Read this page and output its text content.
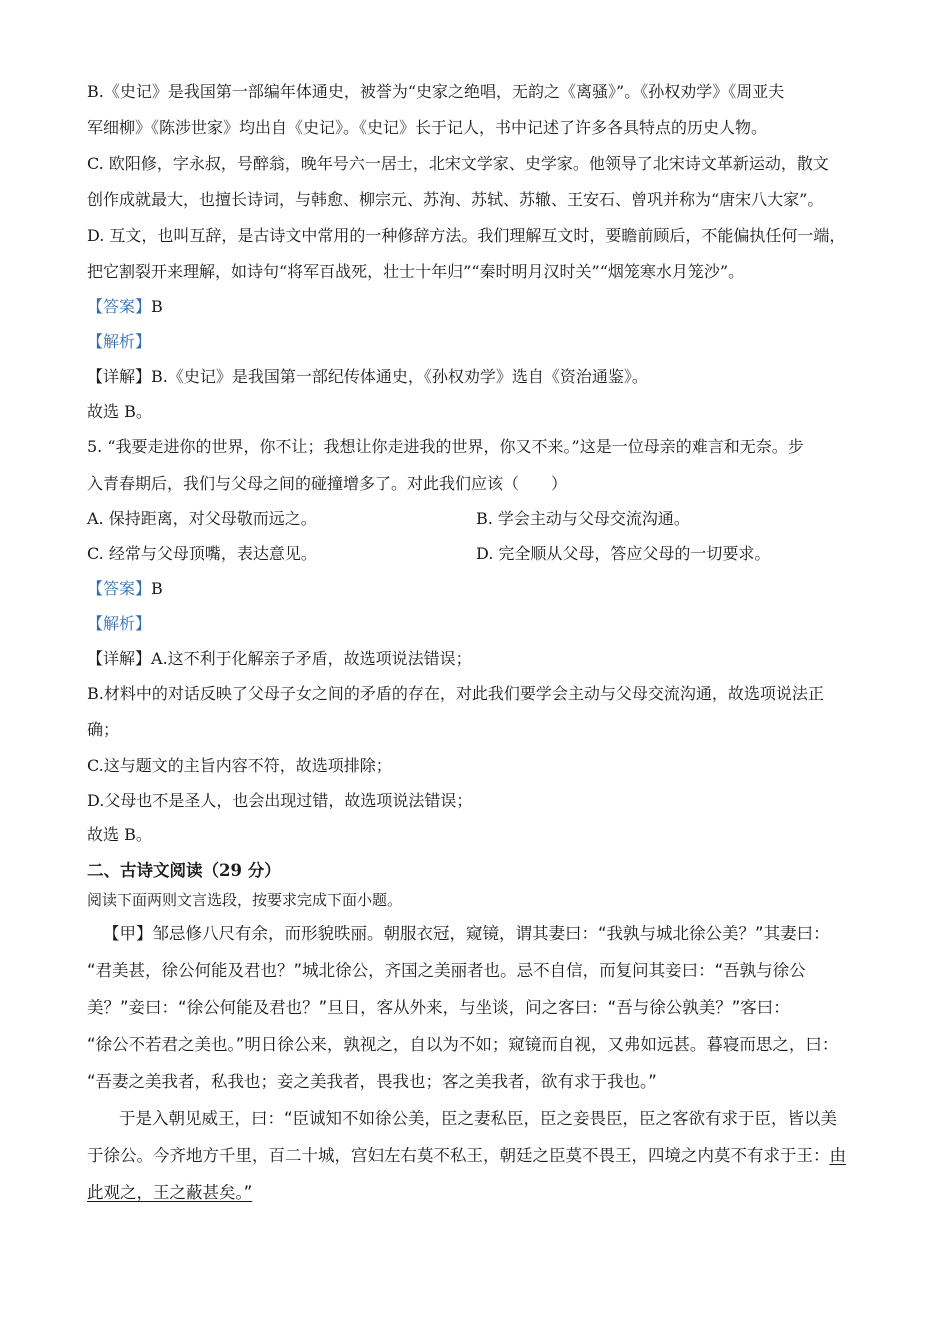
B.《史记》是我国第一部编年体通史，被誉为“史家之绝唱，无韵之《离骚》”。《孙权劝学》《周亚夫
军细柳》《陈涉世家》均出自《史记》。《史记》长于记人，书中记述了许多各具特点的历史人物。
C. 欧阳修，字永叔，号醉翁，晚年号六一居士，北宋文学家、史学家。他领导了北宋诗文革新运动，散文
创作成就最大，也擅长诗词，与韩愈、柳宗元、苏洵、苏轼、苏辙、王安石、曾巩并称为“唐宋八大家”。
D. 互文，也叫互辞，是古诗文中常用的一种修辞方法。我们理解互文时，要瞻前顾后，不能偏执任何一端，
把它割裂开来理解，如诗句“将军百战死，壮士十年归”“秦时明月汉时关”“烟笼寒水月笼沙”。
【答案】B
【解析】
【详解】B.《史记》是我国第一部纪传体通史，《孙权劝学》选自《资治通鉴》。
故选 B。
5. “我要走进你的世界，你不让；我想让你走进我的世界，你又不来。”这是一位母亲的难言和无奈。步
入青春期后，我们与父母之间的碰撞增多了。对此我们应该（　　）
A. 保持距离，对父母敬而远之。	B. 学会主动与父母交流沟通。
C. 经常与父母顶嘴，表达意见。	D. 完全顺从父母，答应父母的一切要求。
【答案】B
【解析】
【详解】A.这不利于化解亲子矛盾，故选项说法错误；
B.材料中的对话反映了父母子女之间的矛盾的存在，对此我们要学会主动与父母交流沟通，故选项说法正
确；
C.这与题文的主旨内容不符，故选项排除；
D.父母也不是圣人，也会出现过错，故选项说法错误；
故选 B。
二、古诗文阅读（29 分）
阅读下面两则文言选段，按要求完成下面小题。
【甲】邹忌修八尺有余，而形貌昳丽。朝服衣冠，窥镜，谓其妻曰：“我孰与城北徐公美？”其妻曰：
“君美甚，徐公何能及君也？”城北徐公，齐国之美丽者也。忌不自信，而复问其妾曰：“吾孰与徐公
美？”妾曰：“徐公何能及君也？”旦日，客从外来，与坐谈，问之客曰：“吾与徐公孰美？”客曰：
“徐公不若君之美也。”明日徐公来，孰视之，自以为不如；窥镜而自视，又弗如远甚。暮寝而思之，曰：
“吾妻之美我者，私我也；妾之美我者，畏我也；客之美我者，欲有求于我也。”
于是入朝见威王，曰：“臣诚知不如徐公美，臣之妻私臣，臣之妾畏臣，臣之客欲有求于臣，皆以美
于徐公。今齐地方千里，百二十城，宫妇左右莫不私王，朝廷之臣莫不畏王，四境之内莫不有求于王：由
此观之，王之蔽甚矣。”
